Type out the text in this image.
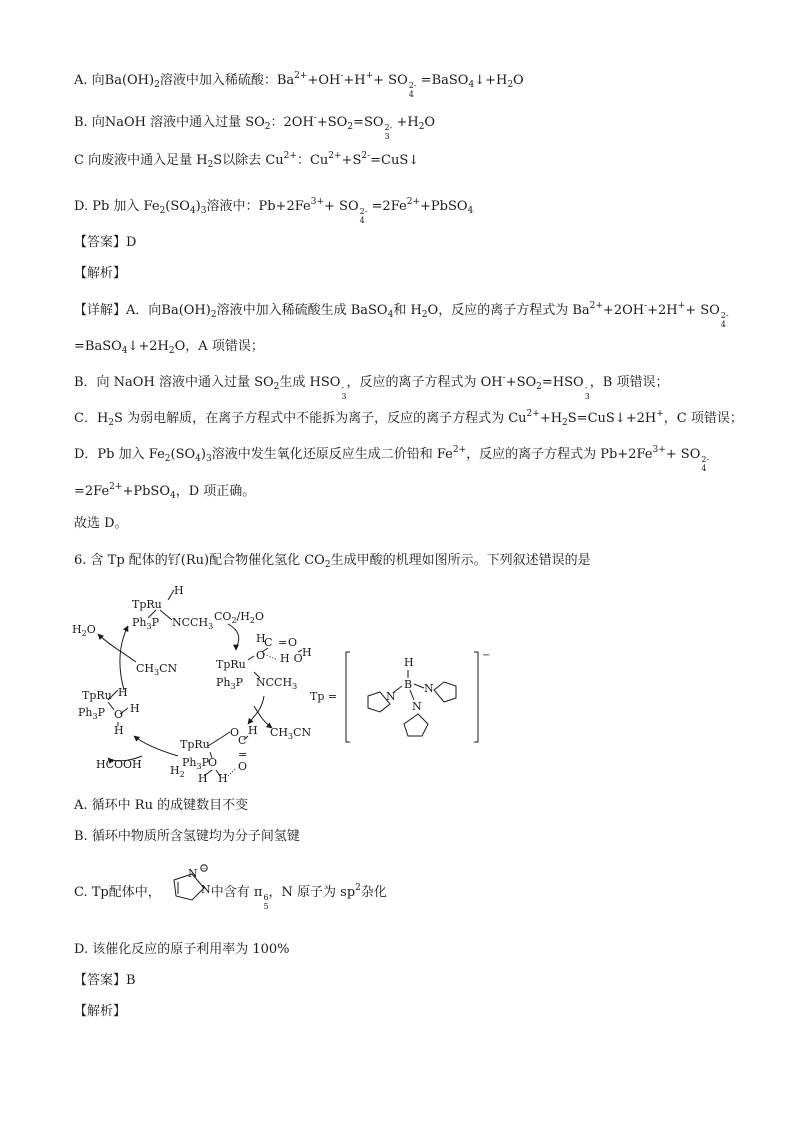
A. 向$Ba(OH)_2$溶液中加入稀硫酸：$Ba^{2+}+OH^-+H^++$ SO 2-
4
$=BaSO_4↓+H_2O$
B. 向NaOH 溶液中通入过量 $SO_2$：$2OH^-+SO_2=SO$ 2-
3
$+H_2O$
C 向废液中通入足量 $H_2S$以除去 $Cu^{2+}$：$Cu^{2+}+S^{2-}=CuS↓$
D. Pb 加入 $Fe_2(SO_4)_3$溶液中：$Pb+2Fe^{3+}+$ SO 2-
4
$=2Fe^{2+}+PbSO_4$
【答案】D
【解析】
【详解】A．向$Ba(OH)_2$溶液中加入稀硫酸生成 BaSO$_4$和 $H_2O$，反应的离子方程式为 $Ba^{2+}+2OH^-+2H^++$ SO 2-
4
$=BaSO_4↓+2H_2O$，A 项错误；
B．向 NaOH 溶液中通入过量 $SO_2$生成 HSO -
3
，反应的离子方程式为 $OH^-+SO_2=HSO$ -
3
，B 项错误；
C．$H_2S$ 为弱电解质，在离子方程式中不能拆为离子，反应的离子方程式为 $Cu^{2+}+H_2S=CuS↓+2H^+$，C 项错误；
D．Pb 加入 $Fe_2(SO_4)_3$溶液中发生氧化还原反应生成二价铅和 $Fe^{2+}$，反应的离子方程式为 $Pb+2Fe^{3+}+$ SO 2-
4
$=2Fe^{2+}+PbSO_4$，D 项正确。
故选 D。
6. 含 Tp 配体的钌(Ru)配合物催化氢化 $CO_2$生成甲酸的机理如图所示。下列叙述错误的是
H
TpRu
$Ph_3P$ $NCCH_3$
$CO_2/H_2O$
$H_2O$
$CH_3CN$
H
C = O
O H O H
TpRu
$Ph_3P$ $NCCH_3$
H
TpRu
$Ph_3P$ O H
H
HCOOH
TpRu
O
C
H
=
O
$Ph_3P$
$H_2$
O
H H
$CH_3CN$
Tp =
H
B N
N
N
−
A. 循环中 Ru 的成键数目不变
B. 循环中物质所含氢键均为分子间氢键
C. Tp配体中，	中含有 π 6
5
，N 原子为 $sp^2$杂化
N
N
−
D. 该催化反应的原子利用率为 100%
【答案】B
【解析】
